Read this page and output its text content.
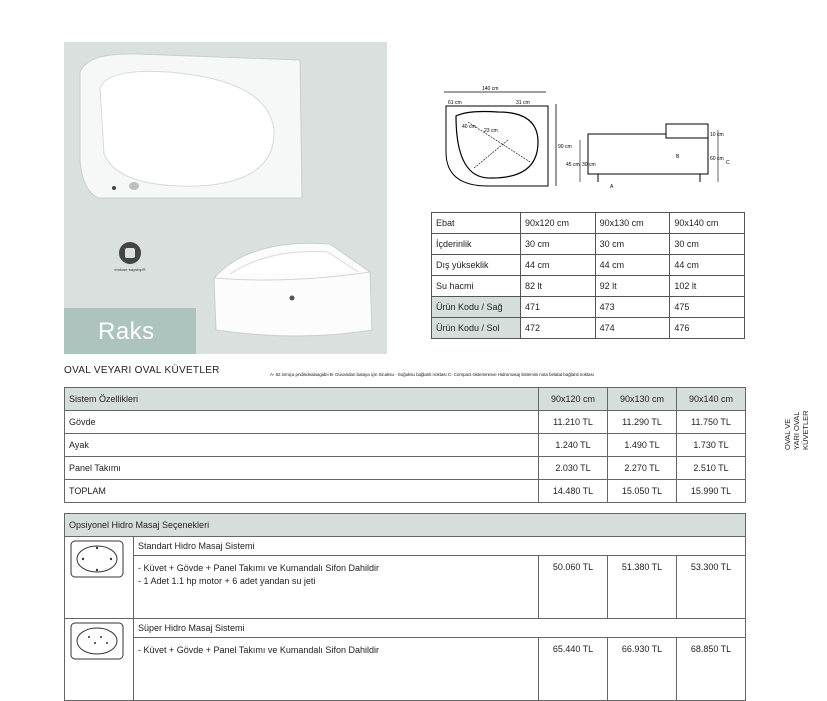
enduse·kaystop®
Raks
140 cm
61 cm	31 cm
90 cm
40 cm
23 cm
30 cm
45 cm
10 cm
60 cm
A
B
C
Ebat	90x120 cm	90x130 cm	90x140 cm
İçderinlik	30 cm	30 cm	30 cm
Dış yükseklik	44 cm	44 cm	44 cm
Su hacmi	82 lt	92 lt	102 lt
Ürün Kodu / Sağ	471	473	475
Ürün Kodu / Sol	472	474	476
OVAL VEYARI OVAL KÜVETLER	A- 52 inmiça pndiridealaagidei B- Duvaridan bataya için Sicaksu - Soğuksu bağlanti noktası C- Compact sistemininve Hidromasaj sistemini nota belatat bağlanti noktası
OVAL VE YARI OVAL KÜVETLER
Sistem Özellikleri	90x120 cm	90x130 cm	90x140 cm
Gövde	11.210 TL	11.290 TL	11.750 TL
Ayak	1.240 TL	1.490 TL	1.730 TL
Panel Takımı	2.030 TL	2.270 TL	2.510 TL
TOPLAM	14.480 TL	15.050 TL	15.990 TL
Opsiyonel Hidro Masaj Seçenekleri				
	Standart Hidro Masaj Sistemi			

	- Küvet + Gövde + Panel Takımı ve Kumandalı Sifon Dahildir
- 1 Adet 1.1 hp motor + 6 adet yandan su jeti	50.060 TL	51.380 TL	53.300 TL
	Süper Hidro Masaj Sistemi			

	- Küvet + Gövde + Panel Takımı ve Kumandalı Sifon Dahildir	65.440 TL	66.930 TL	68.850 TL
